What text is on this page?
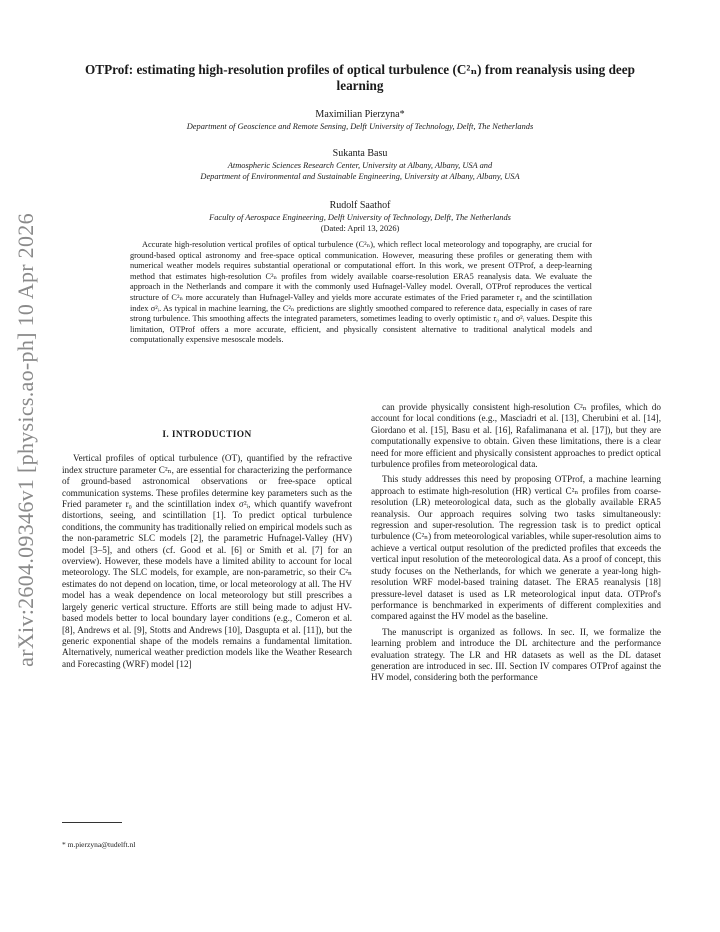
arXiv:2604.09346v1 [physics.ao-ph] 10 Apr 2026
OTProf: estimating high-resolution profiles of optical turbulence (C²ₙ) from reanalysis using deep learning
Maximilian Pierzyna*
Department of Geoscience and Remote Sensing, Delft University of Technology, Delft, The Netherlands
Sukanta Basu
Atmospheric Sciences Research Center, University at Albany, Albany, USA and
Department of Environmental and Sustainable Engineering, University at Albany, Albany, USA
Rudolf Saathof
Faculty of Aerospace Engineering, Delft University of Technology, Delft, The Netherlands
(Dated: April 13, 2026)

Accurate high-resolution vertical profiles of optical turbulence (C²ₙ), which reflect local meteorology and topography, are crucial for ground-based optical astronomy and free-space optical communication. However, measuring these profiles or generating them with numerical weather models requires substantial operational or computational effort. In this work, we present OTProf, a deep-learning method that estimates high-resolution C²ₙ profiles from widely available coarse-resolution ERA5 reanalysis data. We evaluate the approach in the Netherlands and compare it with the commonly used Hufnagel-Valley model. Overall, OTProf reproduces the vertical structure of C²ₙ more accurately than Hufnagel-Valley and yields more accurate estimates of the Fried parameter r₀ and the scintillation index σ²ᵢ. As typical in machine learning, the C²ₙ predictions are slightly smoothed compared to reference data, especially in cases of rare strong turbulence. This smoothing affects the integrated parameters, sometimes leading to overly optimistic r₀ and σ²ᵢ values. Despite this limitation, OTProf offers a more accurate, efficient, and physically consistent alternative to traditional analytical models and computationally expensive mesoscale models.

I. INTRODUCTION

Vertical profiles of optical turbulence (OT), quantified by the refractive index structure parameter C²ₙ, are essential for characterizing the performance of ground-based astronomical observations or free-space optical communication systems. These profiles determine key parameters such as the Fried parameter r₀ and the scintillation index σ²ᵢ, which quantify wavefront distortions, seeing, and scintillation [1]. To predict optical turbulence conditions, the community has traditionally relied on empirical models such as the non-parametric SLC models [2], the parametric Hufnagel-Valley (HV) model [3–5], and others (cf. Good et al. [6] or Smith et al. [7] for an overview). However, these models have a limited ability to account for local meteorology. The SLC models, for example, are non-parametric, so their C²ₙ estimates do not depend on location, time, or local meteorology at all. The HV model has a weak dependence on local meteorology but still prescribes a largely generic vertical structure. Efforts are still being made to adjust HV-based models better to local boundary layer conditions (e.g., Comeron et al. [8], Andrews et al. [9], Stotts and Andrews [10], Dasgupta et al. [11]), but the generic exponential shape of the models remains a fundamental limitation. Alternatively, numerical weather prediction models like the Weather Research and Forecasting (WRF) model [12]

can provide physically consistent high-resolution C²ₙ profiles, which do account for local conditions (e.g., Masciadri et al. [13], Cherubini et al. [14], Giordano et al. [15], Basu et al. [16], Rafalimanana et al. [17]), but they are computationally expensive to obtain. Given these limitations, there is a clear need for more efficient and physically consistent approaches to predict optical turbulence profiles from meteorological data.

This study addresses this need by proposing OTProf, a machine learning approach to estimate high-resolution (HR) vertical C²ₙ profiles from coarse-resolution (LR) meteorological data, such as the globally available ERA5 reanalysis. Our approach requires solving two tasks simultaneously: regression and super-resolution. The regression task is to predict optical turbulence (C²ₙ) from meteorological variables, while super-resolution aims to achieve a vertical output resolution of the predicted profiles that exceeds the vertical input resolution of the meteorological data. As a proof of concept, this study focuses on the Netherlands, for which we generate a year-long high-resolution WRF model-based training dataset. The ERA5 reanalysis [18] pressure-level dataset is used as LR meteorological input data. OTProf's performance is benchmarked in experiments of different complexities and compared against the HV model as the baseline.

The manuscript is organized as follows. In sec. II, we formalize the learning problem and introduce the DL architecture and the performance evaluation strategy. The LR and HR datasets as well as the DL dataset generation are introduced in sec. III. Section IV compares OTProf against the HV model, considering both the performance

* m.pierzyna@tudelft.nl
